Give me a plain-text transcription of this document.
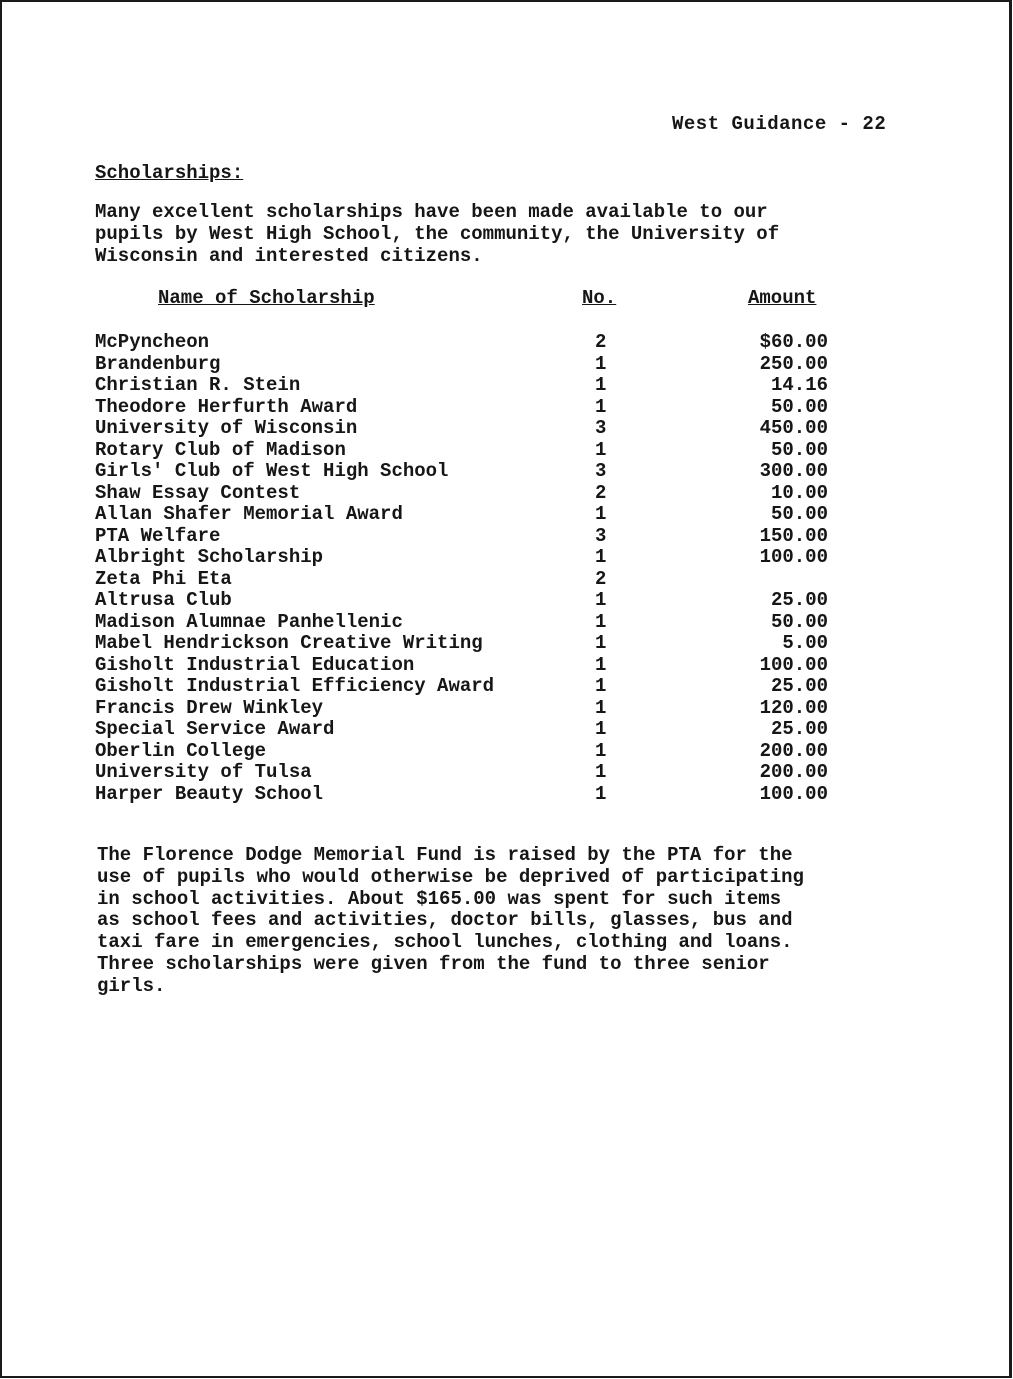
West Guidance - 22
Scholarships:
Many excellent scholarships have been made available to our
pupils by West High School, the community, the University of
Wisconsin and interested citizens.
Name of Scholarship	No.	Amount
McPyncheon	2	$60.00
Brandenburg	1	250.00
Christian R. Stein	1	14.16
Theodore Herfurth Award	1	50.00
University of Wisconsin	3	450.00
Rotary Club of Madison	1	50.00
Girls' Club of West High School	3	300.00
Shaw Essay Contest	2	10.00
Allan Shafer Memorial Award	1	50.00
PTA Welfare	3	150.00
Albright Scholarship	1	100.00
Zeta Phi Eta	2
Altrusa Club	1	25.00
Madison Alumnae Panhellenic	1	50.00
Mabel Hendrickson Creative Writing	1	5.00
Gisholt Industrial Education	1	100.00
Gisholt Industrial Efficiency Award	1	25.00
Francis Drew Winkley	1	120.00
Special Service Award	1	25.00
Oberlin College	1	200.00
University of Tulsa	1	200.00
Harper Beauty School	1	100.00
The Florence Dodge Memorial Fund is raised by the PTA for the
use of pupils who would otherwise be deprived of participating
in school activities. About $165.00 was spent for such items
as school fees and activities, doctor bills, glasses, bus and
taxi fare in emergencies, school lunches, clothing and loans.
Three scholarships were given from the fund to three senior
girls.
